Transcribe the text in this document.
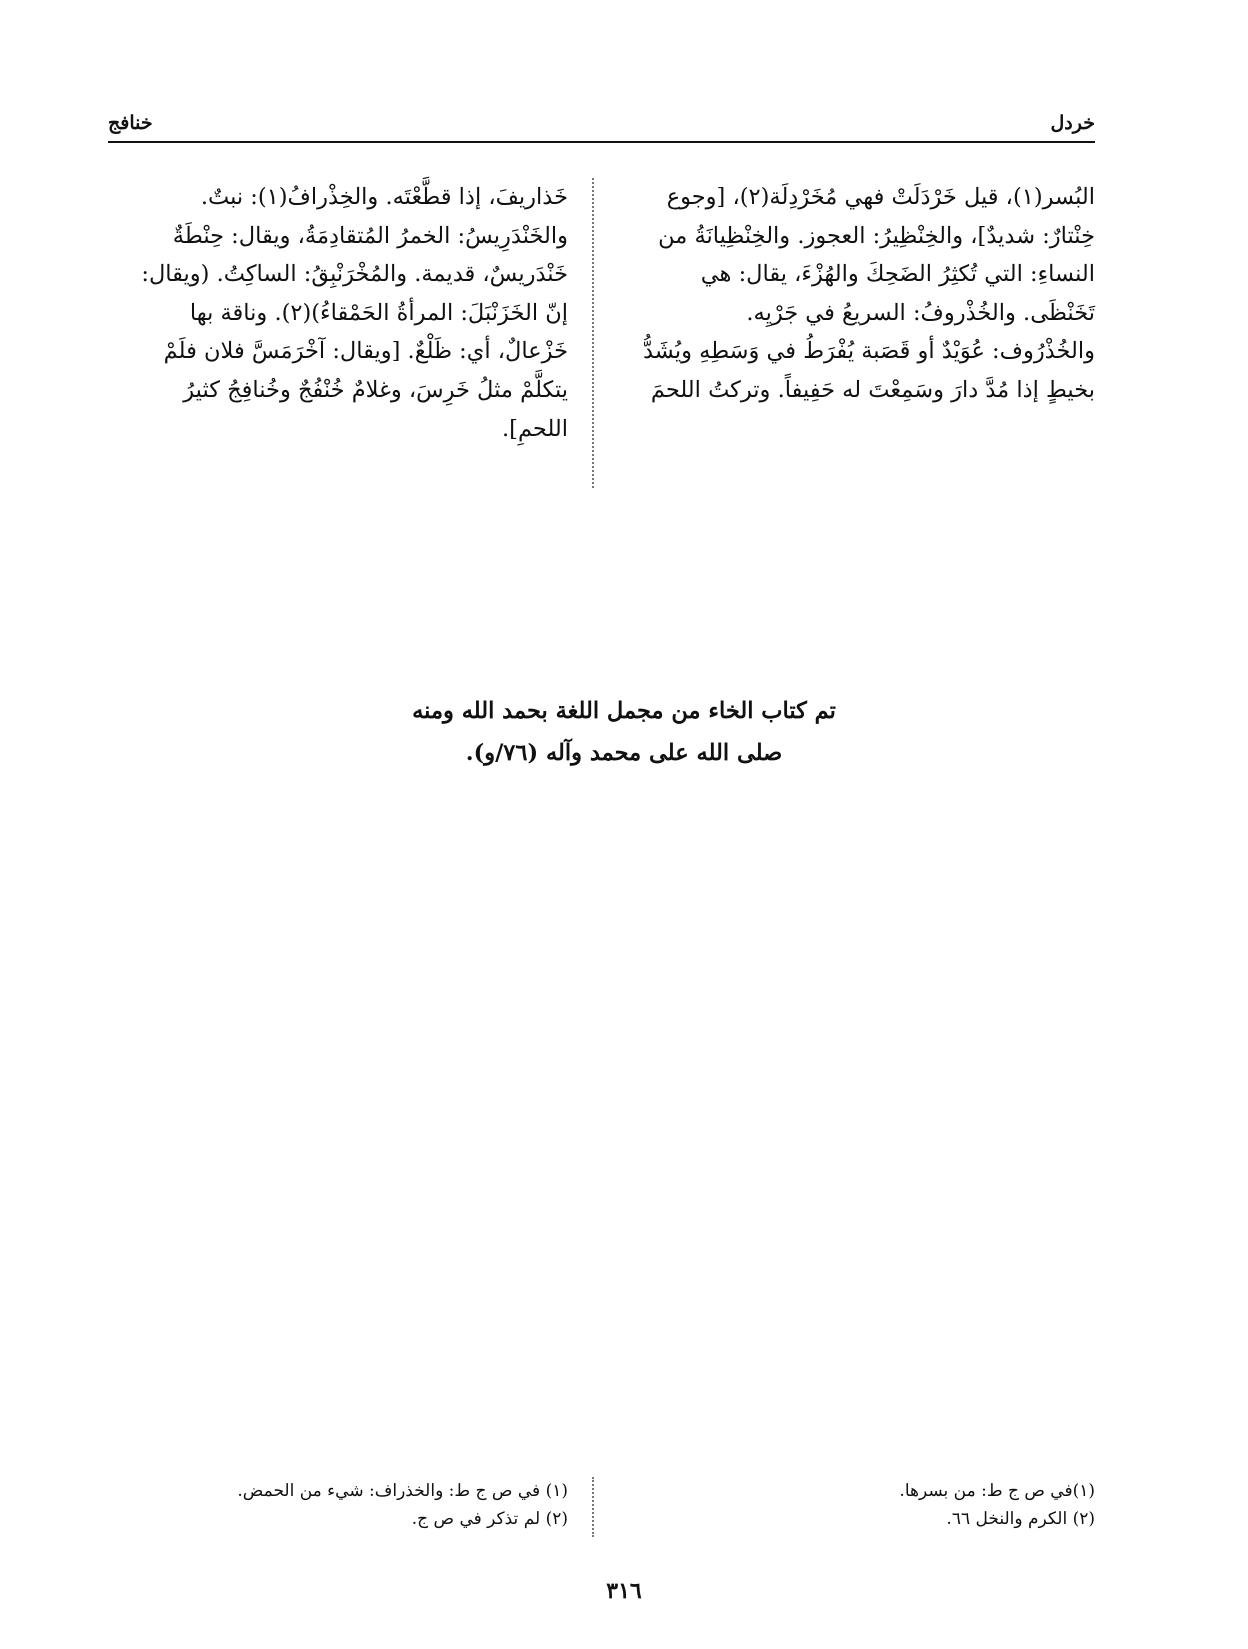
خردل
خنافج

البُسر(١)، قيل خَرْدَلَتْ فهي مُخَرْدِلَة(٢)، [وجوع

خِنْتارٌ: شديدٌ]، والخِنْظِيرُ: العجوز. والخِنْظِيانَةُ من

النساءِ: التي تُكثِرُ الضَحِكَ والهُزْءَ، يقال: هي

تَخَنْظَى. والخُذْروفُ: السريعُ في جَرْيِه.

والخُذْرُوف: عُوَيْدٌ أو قَصَبة يُفْرَطُ في وَسَطِهِ ويُشَدُّ

بخيطٍ إذا مُدَّ دارَ وسَمِعْتَ له حَفِيفاً. وتركتُ اللحمَ

خَذاريفَ، إذا قطَّعْتَه. والخِذْرافُ(١): نبتٌ.

والخَنْدَرِيسُ: الخمرُ المُتقادِمَةُ، ويقال: حِنْطَةٌ

خَنْدَريسٌ، قديمة. والمُخْرَنْبِقُ: الساكِتُ. (ويقال:

إنّ الخَزَنْبَلَ: المرأةُ الحَمْقاءُ)(٢). وناقة بها

خَزْعالٌ، أي: ظَلْعٌ. [ويقال: آخْرَمَسَّ فلان فلَمْ

يتكلَّمْ مثلُ خَرِسَ، وغلامٌ خُنْفُجٌ وخُنافِجُ كثيرُ

اللحمِ].

تم كتاب الخاء من مجمل اللغة بحمد الله ومنه
صلى الله على محمد وآله (٧٦/و).
(١)في ص ج ط: من بسرها.
(٢) الكرم والنخل ٦٦.
(١) في ص ج ط: والخذراف: شيء من الحمض.
(٢) لم تذكر في ص ج.
٣١٦
